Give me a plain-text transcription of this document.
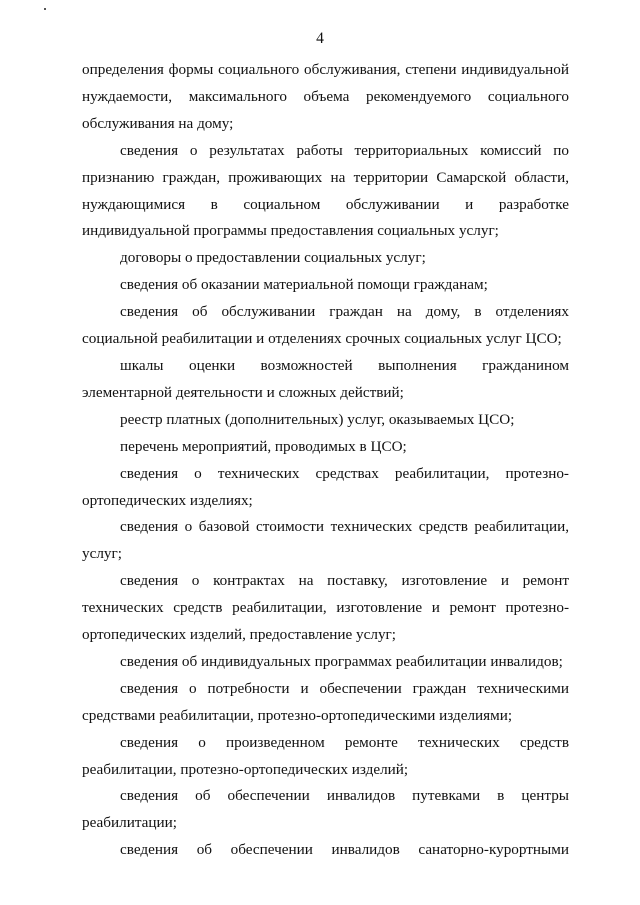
4

определения формы социального обслуживания, степени индивидуальной нуждаемости, максимального объема рекомендуемого социального обслуживания на дому;

сведения о результатах работы территориальных комиссий по признанию граждан, проживающих на территории Самарской области, нуждающимися в социальном обслуживании и разработке индивидуальной программы предоставления социальных услуг;

договоры о предоставлении социальных услуг;

сведения об оказании материальной помощи гражданам;

сведения об обслуживании граждан на дому, в отделениях социальной реабилитации и отделениях срочных социальных услуг ЦСО;

шкалы оценки возможностей выполнения гражданином элементарной деятельности и сложных действий;

реестр платных (дополнительных) услуг, оказываемых ЦСО;

перечень мероприятий, проводимых в ЦСО;

сведения о технических средствах реабилитации, протезно-ортопедических изделиях;

сведения о базовой стоимости технических средств реабилитации, услуг;

сведения о контрактах на поставку, изготовление и ремонт технических средств реабилитации, изготовление и ремонт протезно-ортопедических изделий, предоставление услуг;

сведения об индивидуальных программах реабилитации инвалидов;

сведения о потребности и обеспечении граждан техническими средствами реабилитации, протезно-ортопедическими изделиями;

сведения о произведенном ремонте технических средств реабилитации, протезно-ортопедических изделий;

сведения об обеспечении инвалидов путевками в центры реабилитации;

сведения об обеспечении инвалидов санаторно-курортными
